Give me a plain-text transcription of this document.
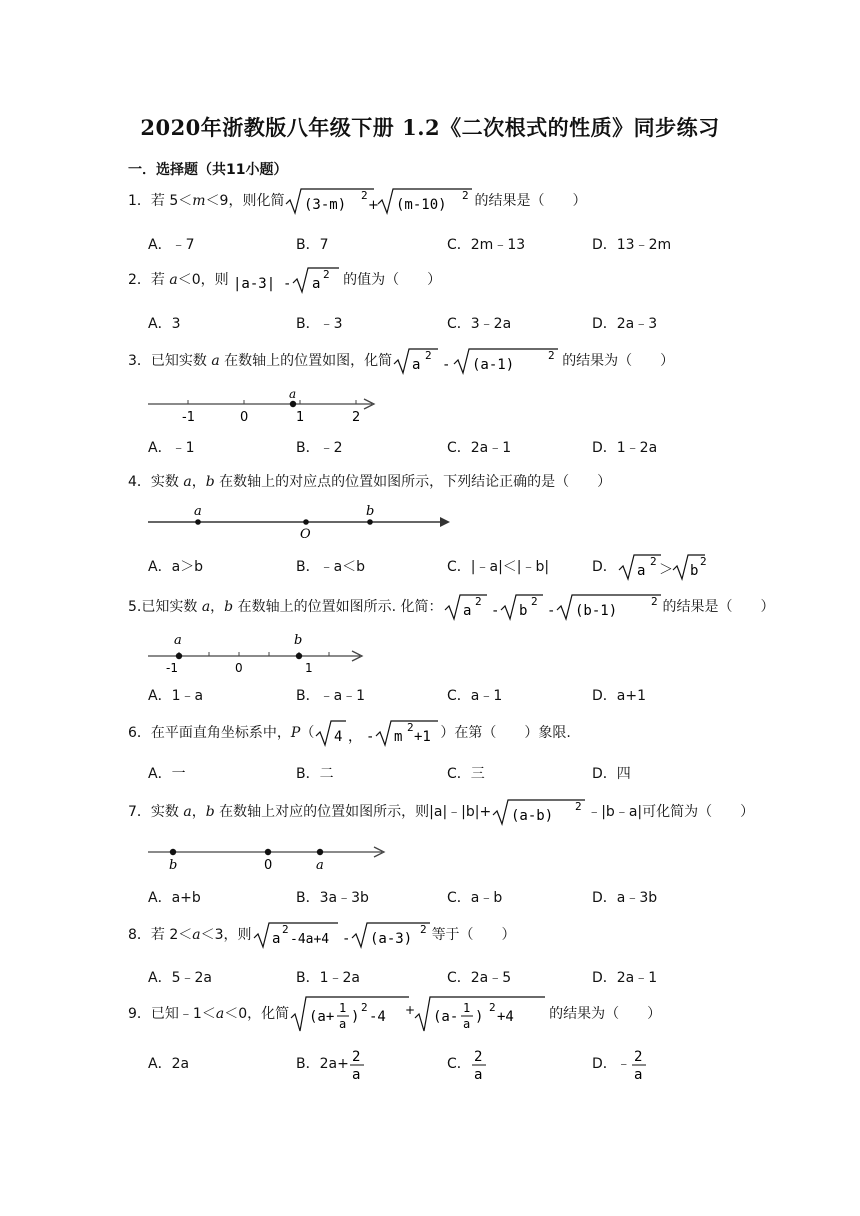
2020年浙教版八年级下册 1.2《二次根式的性质》同步练习
一．选择题（共11小题）
1．若 5＜m＜9，则化简 (3-m)
2
+ (m-10)
2 的结果是（　　）
A．﹣7	B．7	C．2m﹣13	D．13﹣2m
2．若 a＜0，则 |a-3| - a
2 的值为（　　）
A．3	B．﹣3	C．3﹣2a	D．2a﹣3
3．已知实数 a 在数轴上的位置如图，化简 a
2
- (a-1)
2 的结果为（　　）
-1	0	1	2
a
A．﹣1	B．﹣2	C．2a﹣1	D．1﹣2a
4．实数 a，b 在数轴上的对应点的位置如图所示，下列结论正确的是（　　）
a
O
b
A．a＞b	B．﹣a＜b	C．|﹣a|＜|﹣b|	D． a
2
＞ b
2
5.已知实数 a，b 在数轴上的位置如图所示. 化简： a
2
- b
2
- (b-1)
2 的结果是（　　）
a	b
-1	0	1
A．1﹣a	B．﹣a﹣1	C．a﹣1	D．a+1
6．在平面直角坐标系中，P（ 4 ， - m
2
+1 ）在第（　　）象限.
A．一	B．二	C．三	D．四
7．实数 a，b 在数轴上对应的位置如图所示，则|a|﹣|b|+ (a-b)
2 ﹣|b﹣a|可化简为（　　）
b	0	a
A．a+b	B．3a﹣3b	C．a﹣b	D．a﹣3b
8．若 2＜a＜3，则 a
2
-4a+4 - (a-3)
2 等于（　　）
A．5﹣2a	B．1﹣2a	C．2a﹣5	D．2a﹣1
9．已知﹣1＜a＜0，化简 (a+
1
a )
2
-4 + (a-
1
a )
2
+4	的结果为（　　）
A．2a	B．2a+ 2
a
C． 2
a
D．﹣ 2
a
